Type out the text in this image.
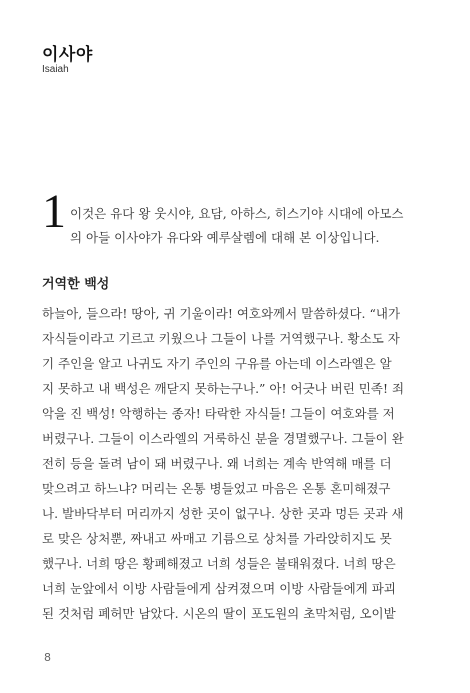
이사야
Isaiah
1 이것은 유다 왕 웃시야, 요담, 아하스, 히스기야 시대에 아모스
의 아들 이사야가 유다와 예루살렘에 대해 본 이상입니다.
거역한 백성
하늘아, 들으라! 땅아, 귀 기울이라! 여호와께서 말씀하셨다. “내가
자식들이라고 기르고 키웠으나 그들이 나를 거역했구나. 황소도 자
기 주인을 알고 나귀도 자기 주인의 구유를 아는데 이스라엘은 알
지 못하고 내 백성은 깨닫지 못하는구나.” 아! 어긋나 버린 민족! 죄
악을 진 백성! 악행하는 종자! 타락한 자식들! 그들이 여호와를 저
버렸구나. 그들이 이스라엘의 거룩하신 분을 경멸했구나. 그들이 완
전히 등을 돌려 남이 돼 버렸구나. 왜 너희는 계속 반역해 매를 더
맞으려고 하느냐? 머리는 온통 병들었고 마음은 온통 혼미해졌구
나. 발바닥부터 머리까지 성한 곳이 없구나. 상한 곳과 멍든 곳과 새
로 맞은 상처뿐, 짜내고 싸매고 기름으로 상처를 가라앉히지도 못
했구나. 너희 땅은 황폐해졌고 너희 성들은 불태워졌다. 너희 땅은
너희 눈앞에서 이방 사람들에게 삼켜졌으며 이방 사람들에게 파괴
된 것처럼 폐허만 남았다. 시온의 딸이 포도원의 초막처럼, 오이밭
8
